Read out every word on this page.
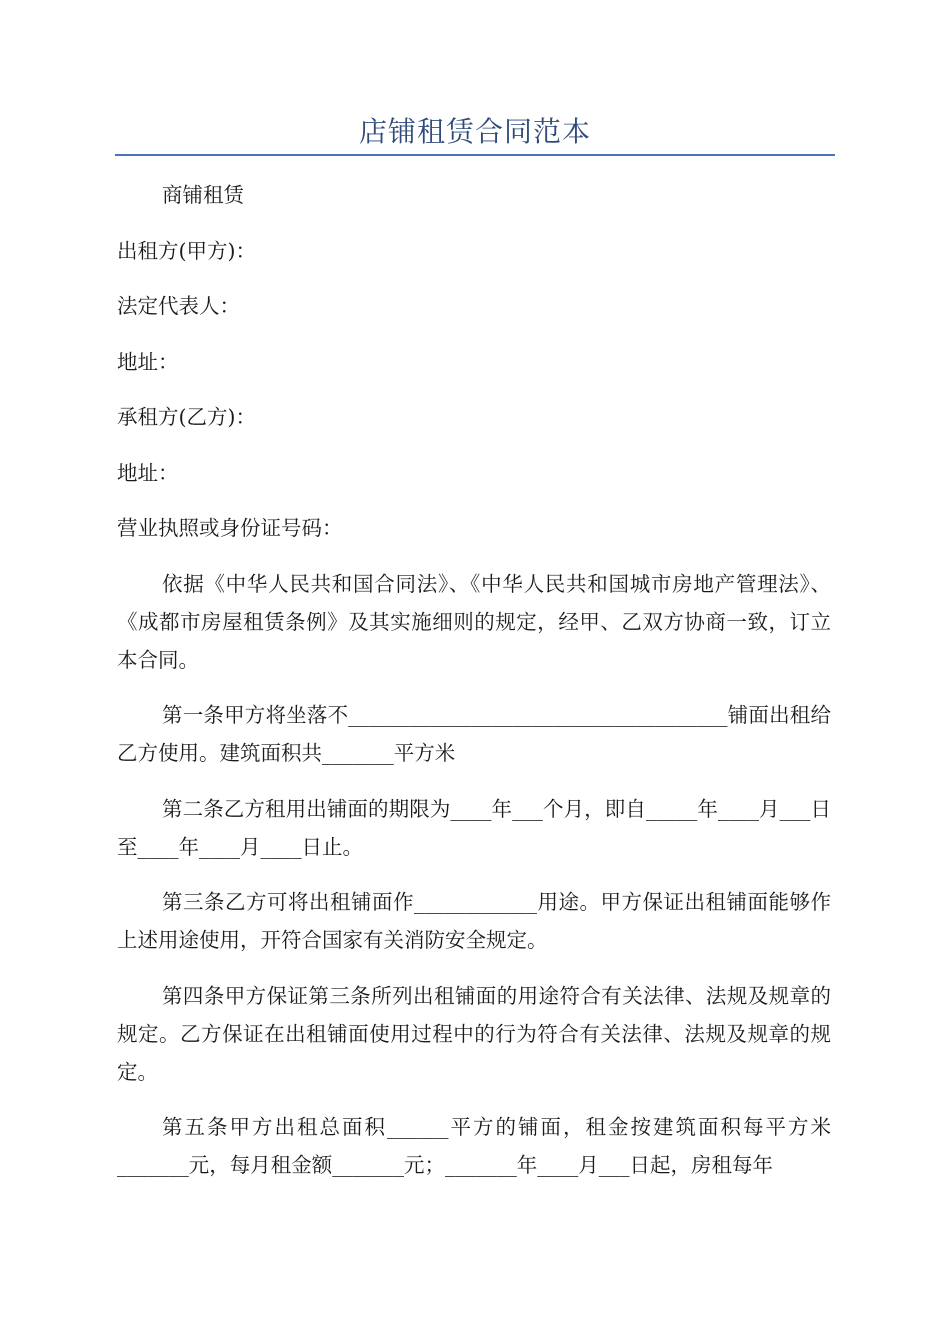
店铺租赁合同范本

商铺租赁

出租方(甲方)：

法定代表人：

地址：

承租方(乙方)：

地址：

营业执照或身份证号码：

依据《中华人民共和国合同法》、《中华人民共和国城市房地产管理法》、《成都市房屋租赁条例》及其实施细则的规定，经甲、乙双方协商一致，订立本合同。

第一条甲方将坐落不_____________________________________铺面出租给乙方使用。建筑面积共_______平方米

第二条乙方租用出铺面的期限为____年___个月，即自_____年____月___日至____年____月____日止。

第三条乙方可将出租铺面作____________用途。甲方保证出租铺面能够作上述用途使用，开符合国家有关消防安全规定。

第四条甲方保证第三条所列出租铺面的用途符合有关法律、法规及规章的规定。乙方保证在出租铺面使用过程中的行为符合有关法律、法规及规章的规定。

第五条甲方出租总面积______平方的铺面，租金按建筑面积每平方米_______元，每月租金额_______元；_______年____月___日起，房租每年
